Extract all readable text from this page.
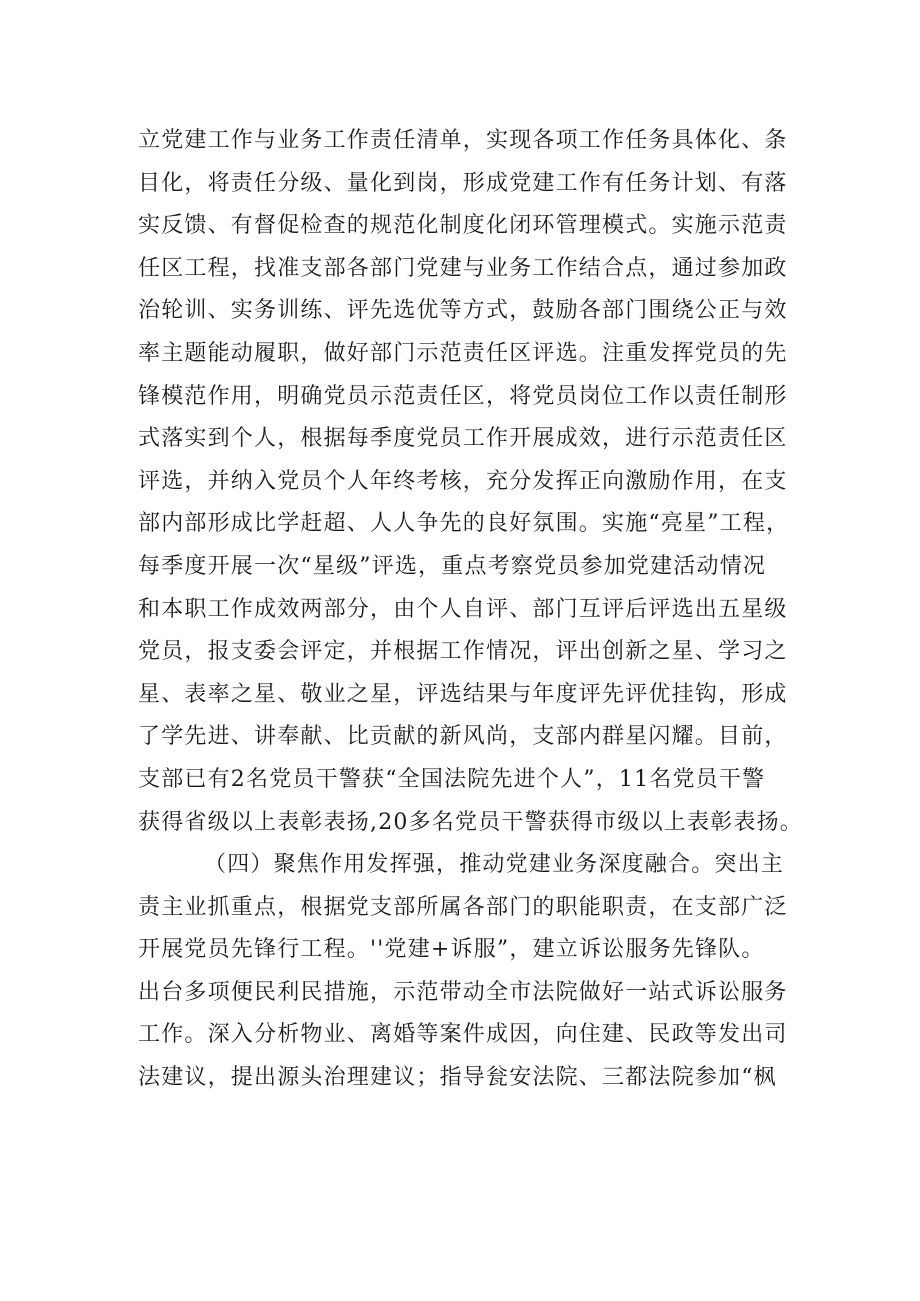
立党建工作与业务工作责任清单，实现各项工作任务具体化、条
目化，将责任分级、量化到岗，形成党建工作有任务计划、有落
实反馈、有督促检查的规范化制度化闭环管理模式。实施示范责
任区工程，找准支部各部门党建与业务工作结合点，通过参加政
治轮训、实务训练、评先选优等方式，鼓励各部门围绕公正与效
率主题能动履职，做好部门示范责任区评选。注重发挥党员的先
锋模范作用，明确党员示范责任区，将党员岗位工作以责任制形
式落实到个人，根据每季度党员工作开展成效，进行示范责任区
评选，并纳入党员个人年终考核，充分发挥正向激励作用，在支
部内部形成比学赶超、人人争先的良好氛围。实施“亮星”工程，
每季度开展一次“星级”评选，重点考察党员参加党建活动情况
和本职工作成效两部分，由个人自评、部门互评后评选出五星级
党员，报支委会评定，并根据工作情况，评出创新之星、学习之
星、表率之星、敬业之星，评选结果与年度评先评优挂钩，形成
了学先进、讲奉献、比贡献的新风尚，支部内群星闪耀。目前，
支部已有2名党员干警获“全国法院先进个人”，11名党员干警
获得省级以上表彰表扬,20多名党员干警获得市级以上表彰表扬。
（四）聚焦作用发挥强，推动党建业务深度融合。突出主
责主业抓重点，根据党支部所属各部门的职能职责，在支部广泛
开展党员先锋行工程。''党建+诉服”，建立诉讼服务先锋队。
出台多项便民利民措施，示范带动全市法院做好一站式诉讼服务
工作。深入分析物业、离婚等案件成因，向住建、民政等发出司
法建议，提出源头治理建议；指导瓮安法院、三都法院参加“枫
